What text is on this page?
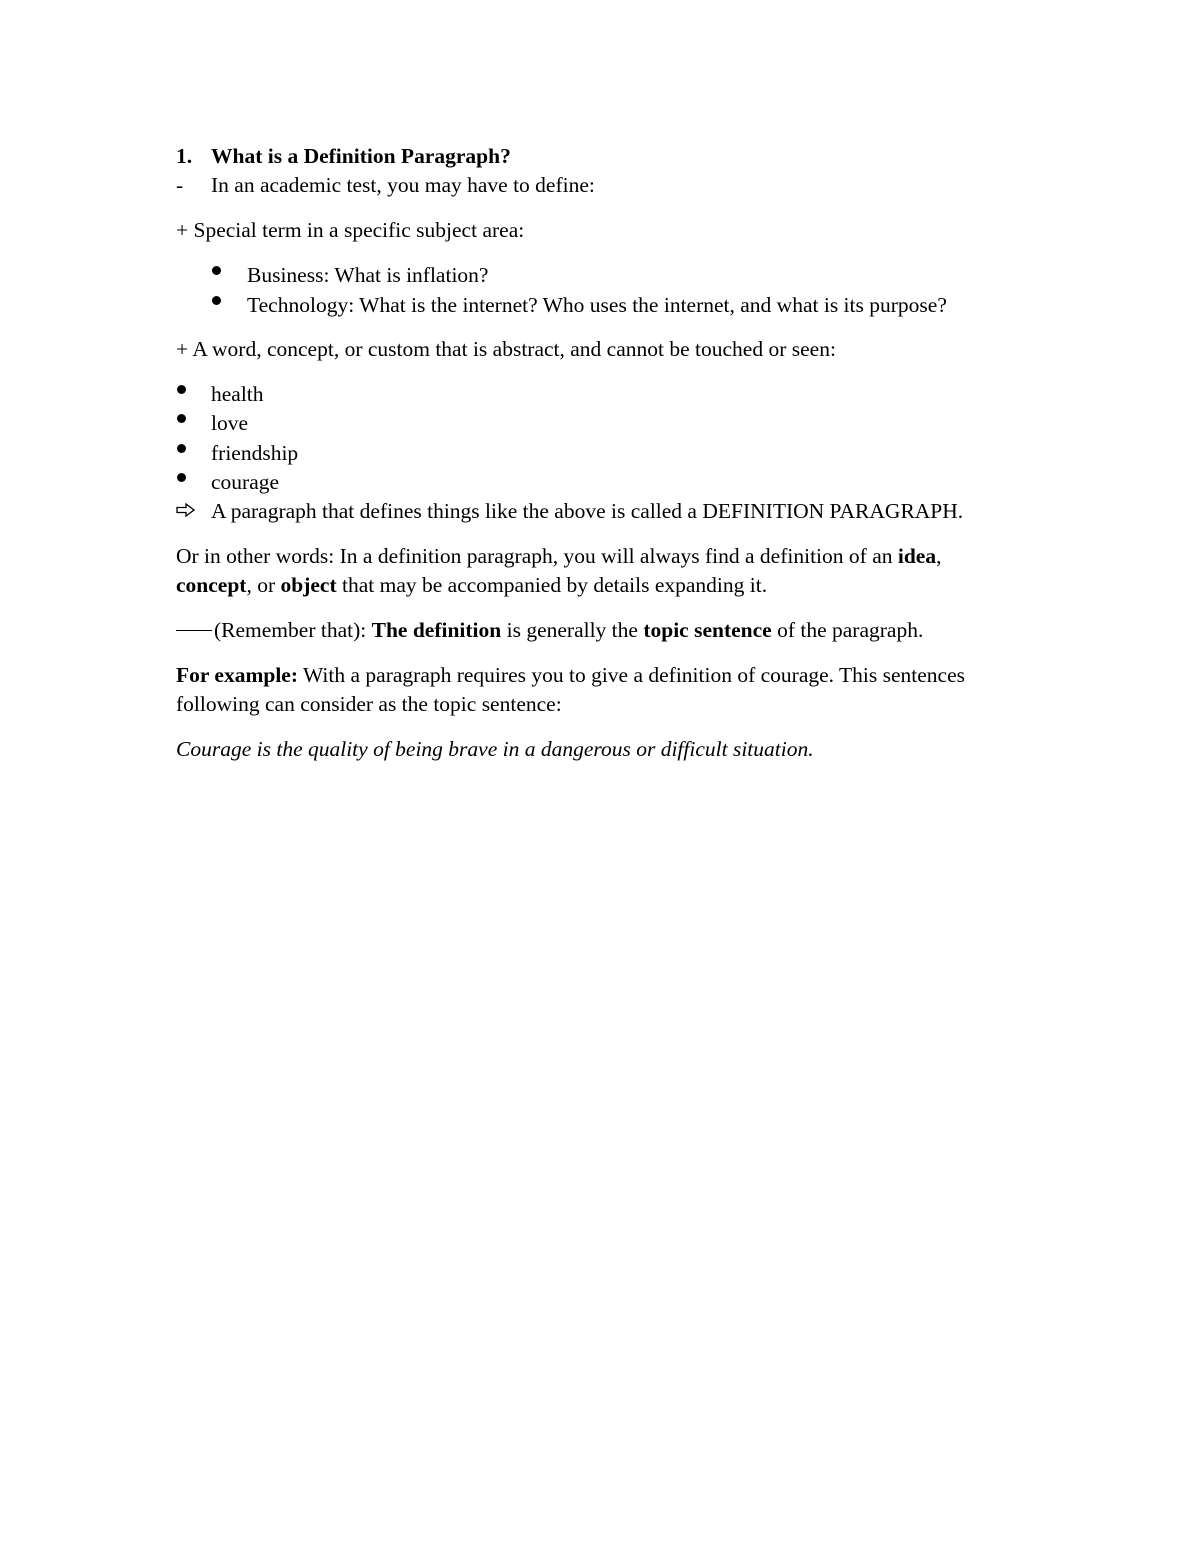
1. What is a Definition Paragraph?
- In an academic test, you may have to define:
+ Special term in a specific subject area:
Business: What is inflation?
Technology: What is the internet? Who uses the internet, and what is its purpose?
+ A word, concept, or custom that is abstract, and cannot be touched or seen:
health
love
friendship
courage
A paragraph that defines things like the above is called a DEFINITION PARAGRAPH.
Or in other words: In a definition paragraph, you will always find a definition of an idea,
concept, or object that may be accompanied by details expanding it.
(Remember that): The definition is generally the topic sentence of the paragraph.
For example: With a paragraph requires you to give a definition of courage. This sentences
following can consider as the topic sentence:
Courage is the quality of being brave in a dangerous or difficult situation.
